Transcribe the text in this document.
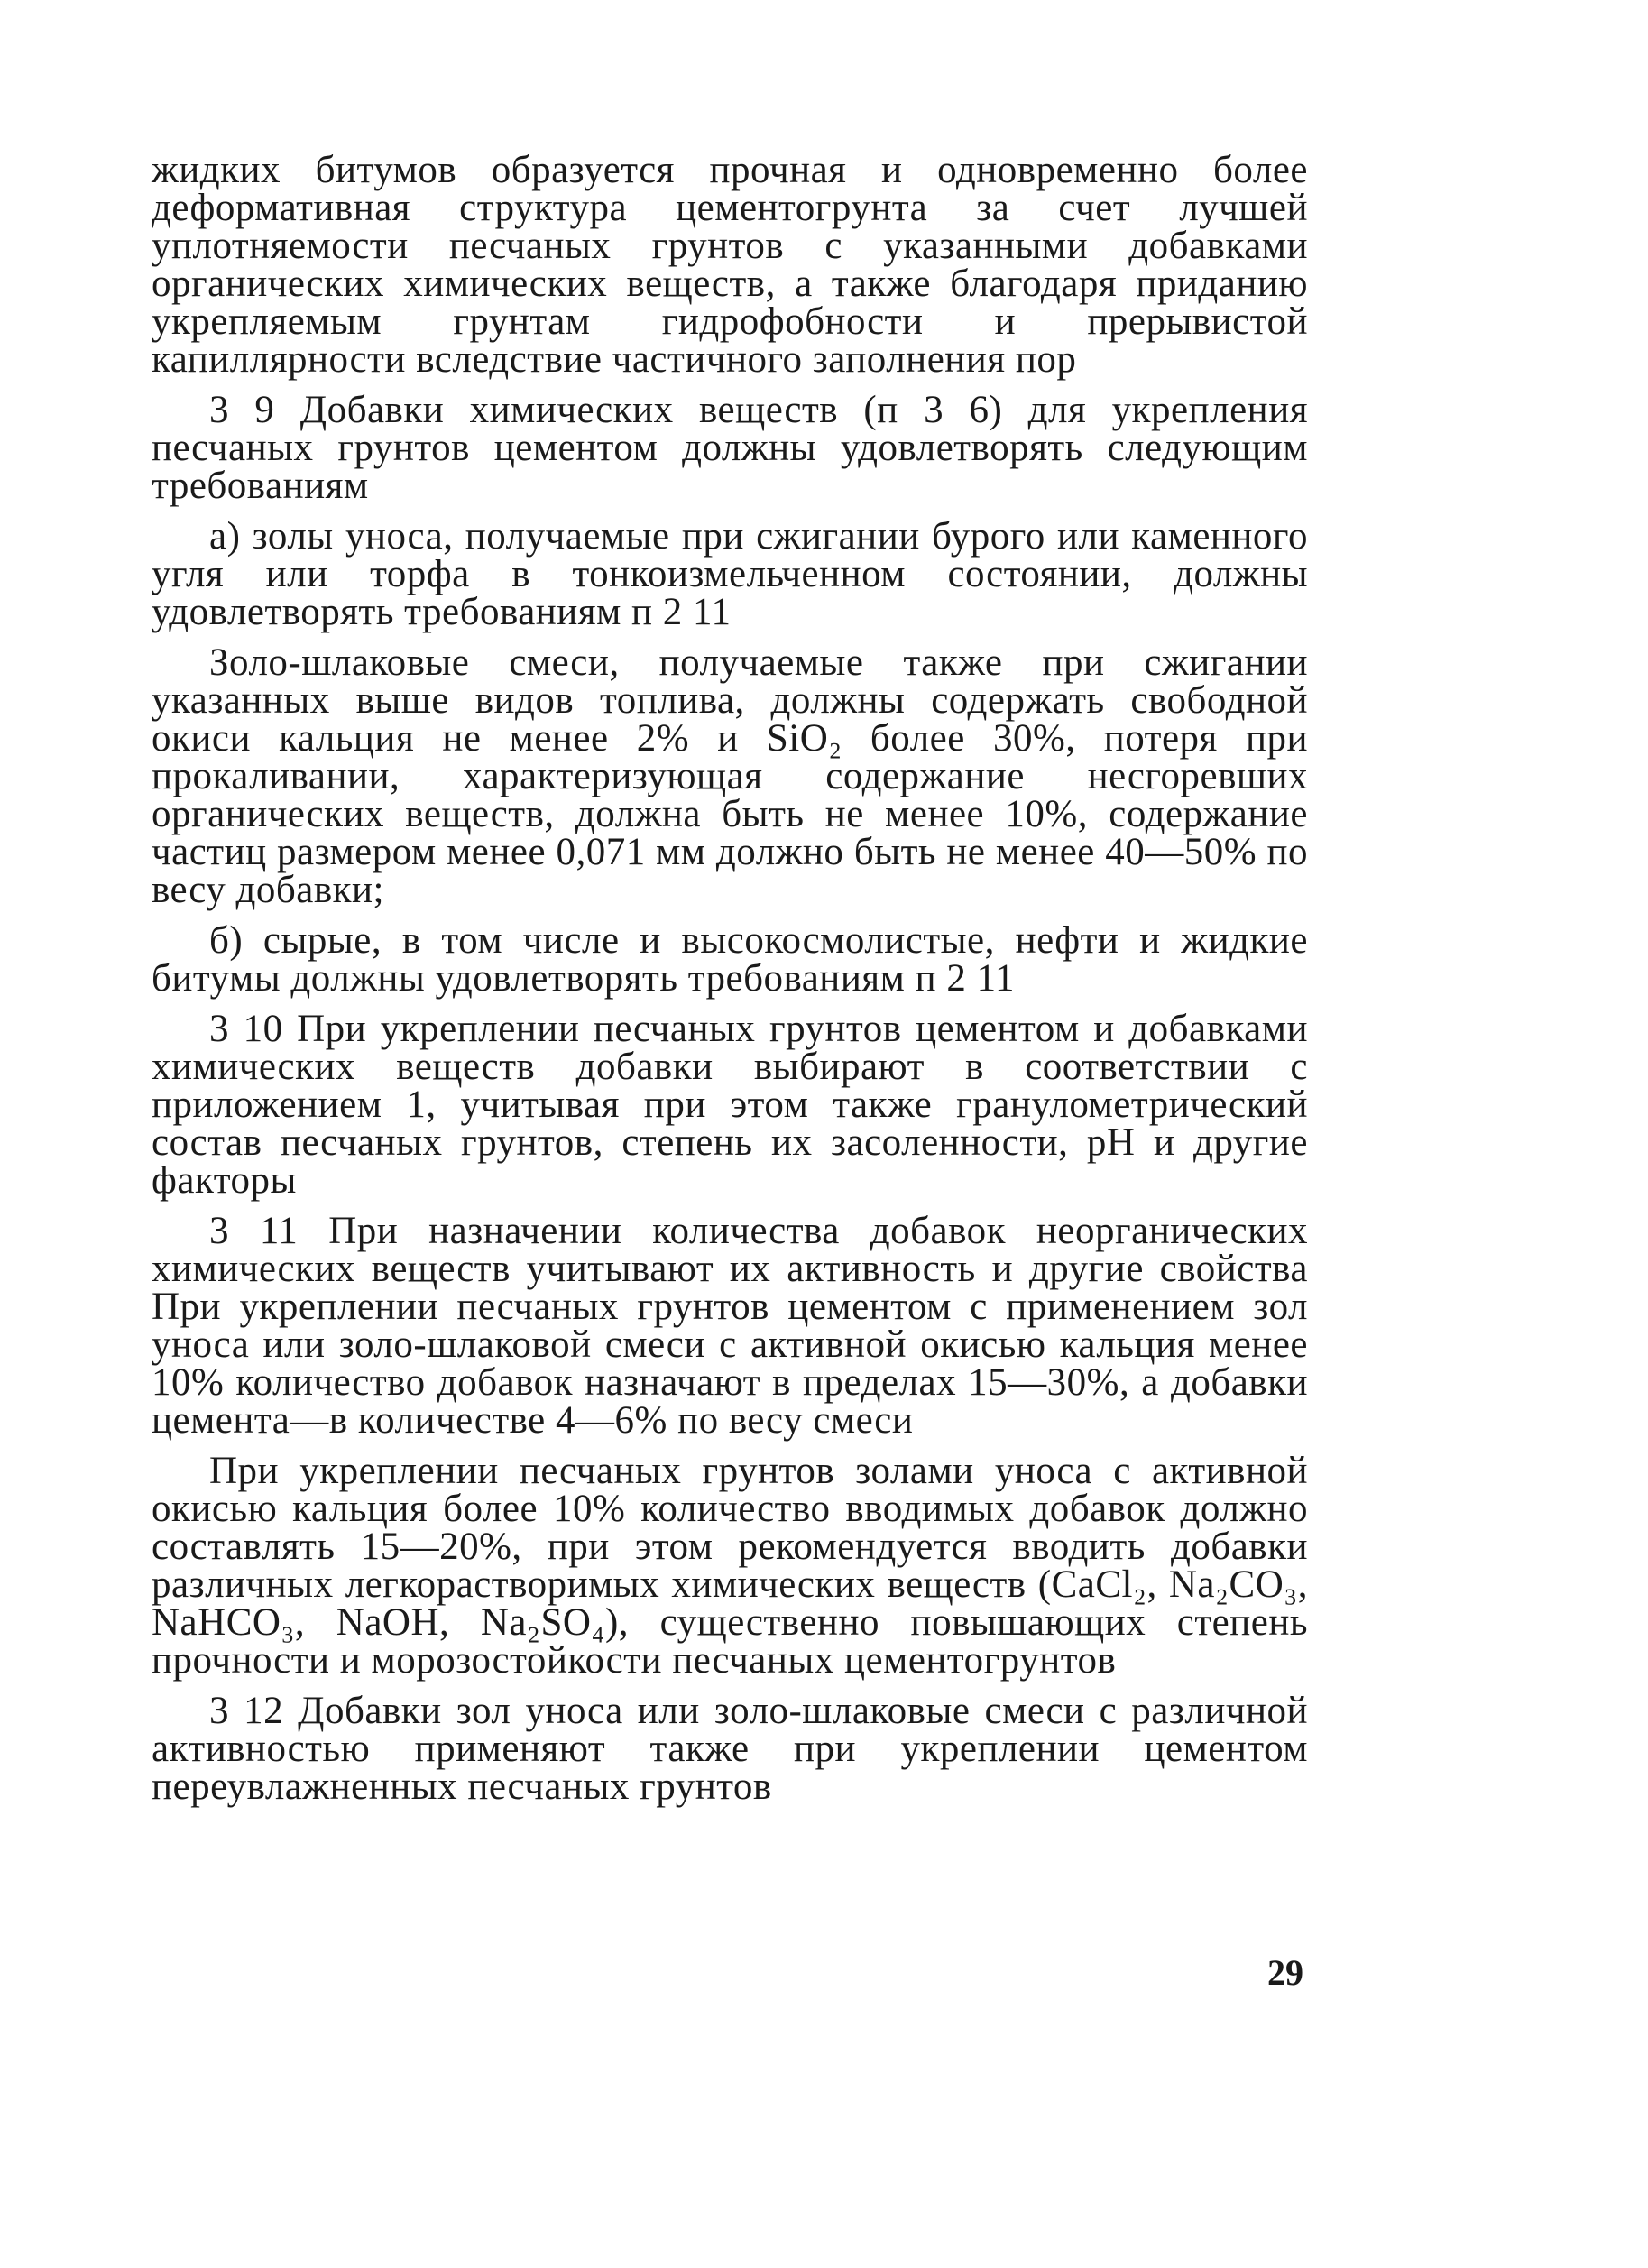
жидких битумов образуется прочная и одновременно более деформативная структура цементогрунта за счет лучшей уплотняемости песчаных грунтов с указанными добавками органических химических веществ, а также благодаря приданию укрепляемым грунтам гидрофобности и прерывистой капиллярности вследствие частичного заполнения пор

3 9 Добавки химических веществ (п 3 6) для укрепления песчаных грунтов цементом должны удовлетворять следующим требованиям

а) золы уноса, получаемые при сжигании бурого или каменного угля или торфа в тонкоизмельченном состоянии, должны удовлетворять требованиям п 2 11

Золо-шлаковые смеси, получаемые также при сжигании указанных выше видов топлива, должны содержать свободной окиси кальция не менее 2% и SiO₂ более 30%, потеря при прокаливании, характеризующая содержание несгоревших органических веществ, должна быть не менее 10%, содержание частиц размером менее 0,071 мм должно быть не менее 40—50% по весу добавки;

б) сырые, в том числе и высокосмолистые, нефти и жидкие битумы должны удовлетворять требованиям п 2 11

3 10 При укреплении песчаных грунтов цементом и добавками химических веществ добавки выбирают в соответствии с приложением 1, учитывая при этом также гранулометрический состав песчаных грунтов, степень их засоленности, pH и другие факторы

3 11 При назначении количества добавок неорганических химических веществ учитывают их активность и другие свойства При укреплении песчаных грунтов цементом с применением зол уноса или золо-шлаковой смеси с активной окисью кальция менее 10% количество добавок назначают в пределах 15—30%, а добавки цемента—в количестве 4—6% по весу смеси

При укреплении песчаных грунтов золами уноса с активной окисью кальция более 10% количество вводимых добавок должно составлять 15—20%, при этом рекомендуется вводить добавки различных легкорастворимых химических веществ (CaCl₂, Na₂CO₃, NaHCO₃, NaOH, Na₂SO₄), существенно повышающих степень прочности и морозостойкости песчаных цементогрунтов

3 12 Добавки зол уноса или золо-шлаковые смеси с различной активностью применяют также при укреплении цементом переувлажненных песчаных грунтов

29
